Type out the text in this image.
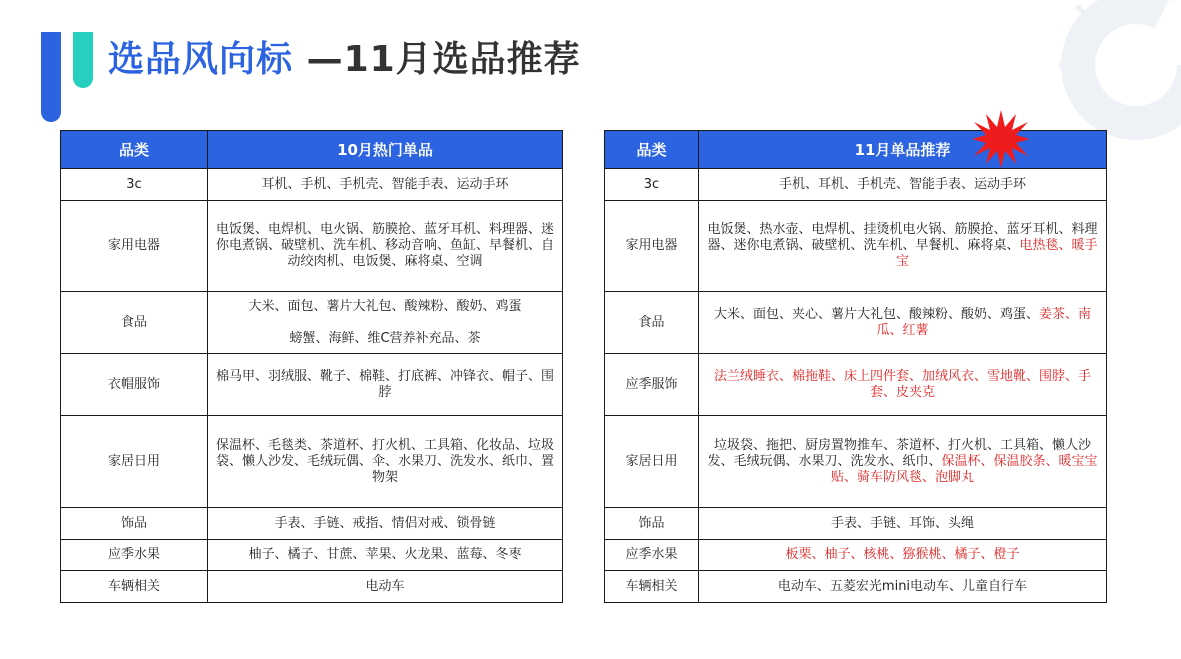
选品风向标 —11月选品推荐
品类	10月热门单品
3c	耳机、手机、手机壳、智能手表、运动手环
家用电器	电饭煲、电焊机、电火锅、筋膜抢、蓝牙耳机、料理器、迷你电煮锅、破壁机、洗车机、移动音响、鱼缸、早餐机、自动绞肉机、电饭煲、麻将桌、空调
食品	大米、面包、薯片大礼包、酸辣粉、酸奶、鸡蛋
螃蟹、海鲜、维C营养补充品、茶

衣帽服饰	棉马甲、羽绒服、靴子、棉鞋、打底裤、冲锋衣、帽子、围脖
家居日用	保温杯、毛毯类、茶道杯、打火机、工具箱、化妆品、垃圾袋、懒人沙发、毛绒玩偶、伞、水果刀、洗发水、纸巾、置物架
饰品	手表、手链、戒指、情侣对戒、锁骨链
应季水果	柚子、橘子、甘蔗、苹果、火龙果、蓝莓、冬枣
车辆相关	电动车
品类	11月单品推荐
3c	手机、耳机、手机壳、智能手表、运动手环
家用电器	电饭煲、热水壶、电焊机、挂烫机电火锅、筋膜抢、蓝牙耳机、料理器、迷你电煮锅、破壁机、洗车机、早餐机、麻将桌、电热毯、暖手宝
食品	大米、面包、夹心、薯片大礼包、酸辣粉、酸奶、鸡蛋、姜茶、南瓜、红薯
应季服饰	法兰绒睡衣、棉拖鞋、床上四件套、加绒风衣、雪地靴、围脖、手套、皮夹克
家居日用	垃圾袋、拖把、厨房置物推车、茶道杯、打火机、工具箱、懒人沙发、毛绒玩偶、水果刀、洗发水、纸巾、保温杯、保温胶条、暖宝宝贴、骑车防风毯、泡脚丸
饰品	手表、手链、耳饰、头绳
应季水果	板栗、柚子、核桃、猕猴桃、橘子、橙子
车辆相关	电动车、五菱宏光mini电动车、儿童自行车
